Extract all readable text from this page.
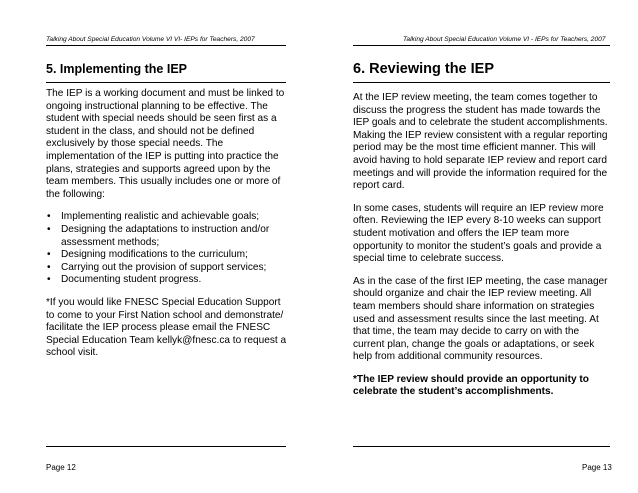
Talking About Special Education Volume VI VI- IEPs for Teachers, 2007
5. Implementing the IEP

The IEP is a working document and must be linked to ongoing instructional planning to be effective. The student with special needs should be seen first as a student in the class, and should not be defined exclusively by those special needs. The implementation of the IEP is putting into practice the plans, strategies and supports agreed upon by the team members. This usually includes one or more of the following:

• Implementing realistic and achievable goals;
• Designing the adaptations to instruction and/or assessment methods;
• Designing modifications to the curriculum;
• Carrying out the provision of support services;
• Documenting student progress.

*If you would like FNESC Special Education Support to come to your First Nation school and demonstrate/ facilitate the IEP process please email the FNESC Special Education Team kellyk@fnesc.ca to request a school visit.

Page 12
Talking About Special Education Volume VI - IEPs for Teachers, 2007
6. Reviewing the IEP

At the IEP review meeting, the team comes together to discuss the progress the student has made towards the IEP goals and to celebrate the student accomplishments. Making the IEP review consistent with a regular reporting period may be the most time efficient manner. This will avoid having to hold separate IEP review and report card meetings and will provide the information required for the report card.

In some cases, students will require an IEP review more often. Reviewing the IEP every 8-10 weeks can support student motivation and offers the IEP team more opportunity to monitor the student’s goals and provide a special time to celebrate success.

As in the case of the first IEP meeting, the case manager should organize and chair the IEP review meeting. All team members should share information on strategies used and assessment results since the last meeting. At that time, the team may decide to carry on with the current plan, change the goals or adaptations, or seek help from additional community resources.

*The IEP review should provide an opportunity to celebrate the student’s accomplishments.

Page 13
